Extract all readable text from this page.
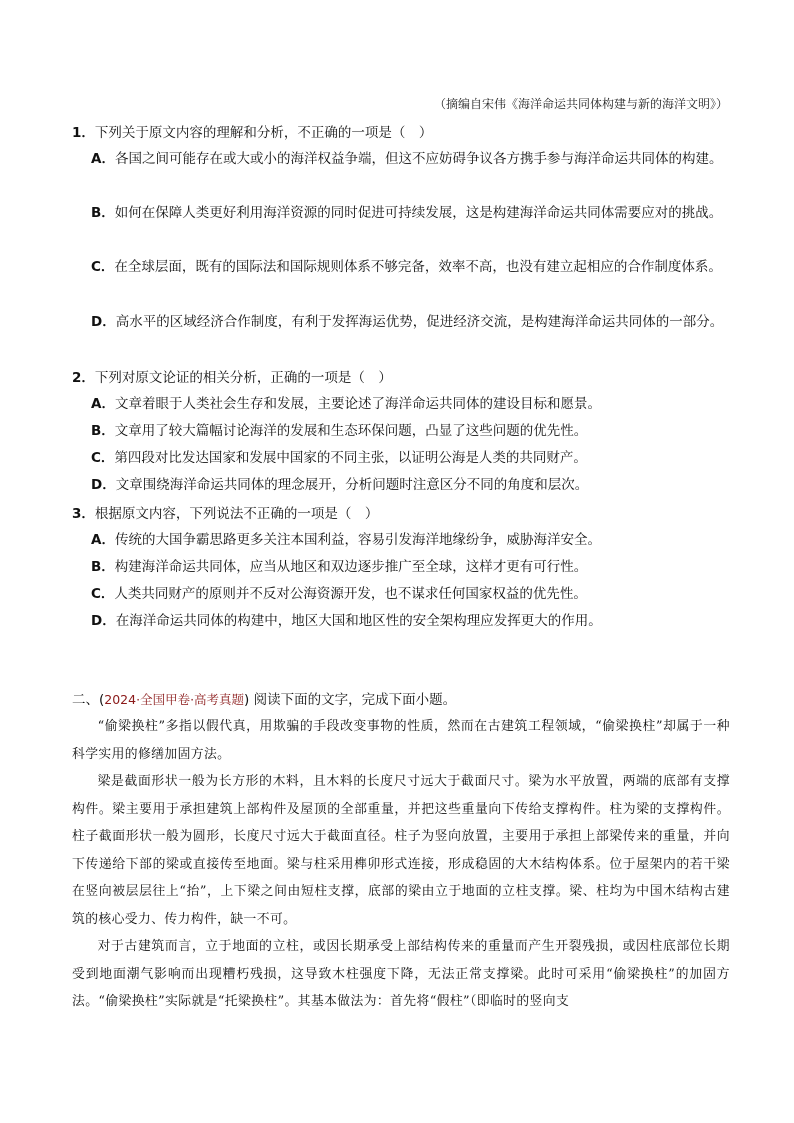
（摘编自宋伟《海洋命运共同体构建与新的海洋文明》）
1．下列关于原文内容的理解和分析，不正确的一项是（　）
A．各国之间可能存在或大或小的海洋权益争端，但这不应妨碍争议各方携手参与海洋命运共同体的构建。
B．如何在保障人类更好利用海洋资源的同时促进可持续发展，这是构建海洋命运共同体需要应对的挑战。
C．在全球层面，既有的国际法和国际规则体系不够完备，效率不高，也没有建立起相应的合作制度体系。
D．高水平的区域经济合作制度，有利于发挥海运优势，促进经济交流，是构建海洋命运共同体的一部分。
2．下列对原文论证的相关分析，正确的一项是（　）
A．文章着眼于人类社会生存和发展，主要论述了海洋命运共同体的建设目标和愿景。
B．文章用了较大篇幅讨论海洋的发展和生态环保问题，凸显了这些问题的优先性。
C．第四段对比发达国家和发展中国家的不同主张，以证明公海是人类的共同财产。
D．文章围绕海洋命运共同体的理念展开，分析问题时注意区分不同的角度和层次。
3．根据原文内容，下列说法不正确的一项是（　）
A．传统的大国争霸思路更多关注本国利益，容易引发海洋地缘纷争，威胁海洋安全。
B．构建海洋命运共同体，应当从地区和双边逐步推广至全球，这样才更有可行性。
C．人类共同财产的原则并不反对公海资源开发，也不谋求任何国家权益的优先性。
D．在海洋命运共同体的构建中，地区大国和地区性的安全架构理应发挥更大的作用。
二、(2024·全国甲卷·高考真题) 阅读下面的文字，完成下面小题。
“偷梁换柱”多指以假代真，用欺骗的手段改变事物的性质，然而在古建筑工程领域，“偷梁换柱”却属于一种科学实用的修缮加固方法。
梁是截面形状一般为长方形的木料，且木料的长度尺寸远大于截面尺寸。梁为水平放置，两端的底部有支撑构件。梁主要用于承担建筑上部构件及屋顶的全部重量，并把这些重量向下传给支撑构件。柱为梁的支撑构件。柱子截面形状一般为圆形，长度尺寸远大于截面直径。柱子为竖向放置，主要用于承担上部梁传来的重量，并向下传递给下部的梁或直接传至地面。梁与柱采用榫卯形式连接，形成稳固的大木结构体系。位于屋架内的若干梁在竖向被层层往上“抬”，上下梁之间由短柱支撑，底部的梁由立于地面的立柱支撑。梁、柱均为中国木结构古建筑的核心受力、传力构件，缺一不可。
对于古建筑而言，立于地面的立柱，或因长期承受上部结构传来的重量而产生开裂残损，或因柱底部位长期受到地面潮气影响而出现糟朽残损，这导致木柱强度下降，无法正常支撑梁。此时可采用“偷梁换柱”的加固方法。“偷梁换柱”实际就是“托梁换柱”。其基本做法为：首先将“假柱”（即临时的竖向支
